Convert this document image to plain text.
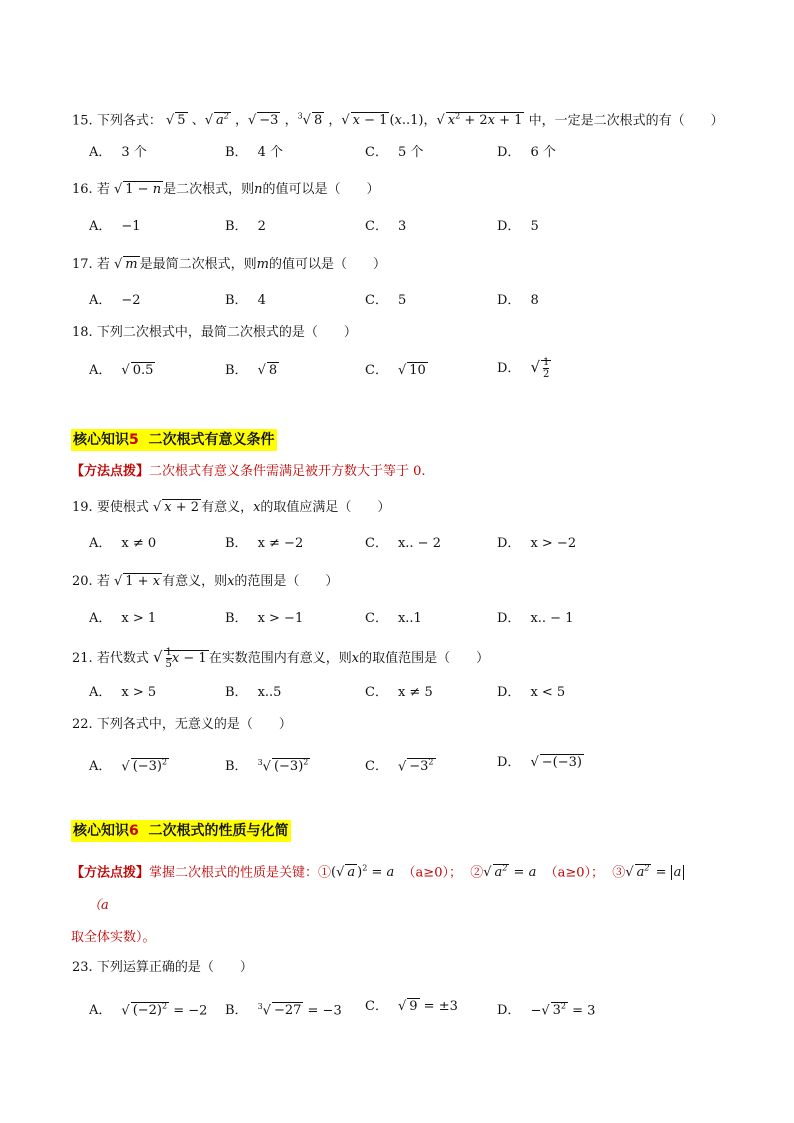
15. 下列各式： √ 5 、√ $a^2$ ，√ −3 ，$^3$√ 8 ，√ x − 1 (x..1)，√ $x^2 + 2x + 1$ 中，一定是二次根式的有（　　）
A． 3 个	B． 4 个	C． 5 个	D． 6 个
16. 若 √ 1 − n 是二次根式，则n的值可以是（　　）
A． −1	B． 2	C． 3	D． 5
17. 若 √ m 是最简二次根式，则m的值可以是（　　）
A． −2	B． 4	C． 5	D． 8
18. 下列二次根式中，最简二次根式的是（　　）
A． √ 0.5	B． √ 8	C． √ 10	D． √ $\frac{1}{2}$
核心知识5 二次根式有意义条件
【方法点拨】二次根式有意义条件需满足被开方数大于等于 0.
19. 要使根式 √ x + 2 有意义，x的取值应满足（　　）
A． x ≠ 0	B． x ≠ −2	C． x.. − 2	D． x > −2
20. 若 √ 1 + x 有意义，则x的范围是（　　）
A． x > 1	B． x > −1	C． x..1	D． x.. − 1
21. 若代数式 √ $\frac{1}{5}$ x − 1 在实数范围内有意义，则x的取值范围是（　　）
A． x > 5	B． x..5	C． x ≠ 5	D． x < 5
22. 下列各式中，无意义的是（　　）
A． √ $(-3)^2$	B． $^3$√ $(-3)^2$	C． √ $-3^2$	D． √ −(−3)
核心知识6 二次根式的性质与化简
【方法点拨】掌握二次根式的性质是关键：①(√ a )$^2$ = a （a≥0）； ②√ $a^2 = a$ （a≥0）； ③√ $a^2 = a$
（a
取全体实数）。
23. 下列运算正确的是（　　）
A． √ $(-2)^2 = -2$ B． $^3$√ −27 = −3 C． √ 9 = ±3	D． −√ $3^2 = 3$
